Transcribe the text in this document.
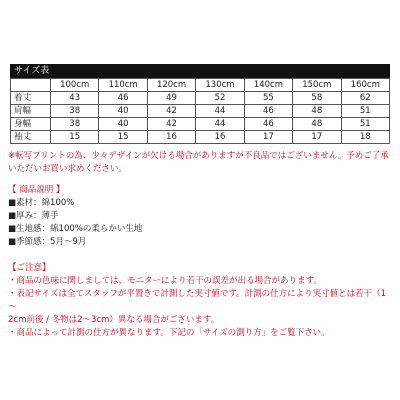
サイズ表
	100cm	110cm	120cm	130cm	140cm	150cm	160cm
着丈	43	46	49	52	55	58	62
肩幅	38	40	42	44	46	48	51
身幅	38	40	42	44	46	48	51
袖丈	15	15	16	16	17	17	18
※転写プリントの為、少々デザインが欠ける場合がありますが不良品ではございません。予めご了承
いただいお買い求めください。
【 商品説明 】
■素材：綿100%
■厚み：薄手
■生地感：綿100%の柔らかい生地
■季節感：5月～9月
【ご注意】
・商品の色味に関しましては、モニターにより若干の誤差が出る場合があります。
・表記サイズは全てスタッフが平置きで計測した実寸値です。計測の仕方により実寸値とは若干（1～
2cm前後 / 冬物は2～3cm）異なる場合がございます。
・商品によって計測の仕方が異なります。下記の「サイズの測り方」をご覧下さい。
